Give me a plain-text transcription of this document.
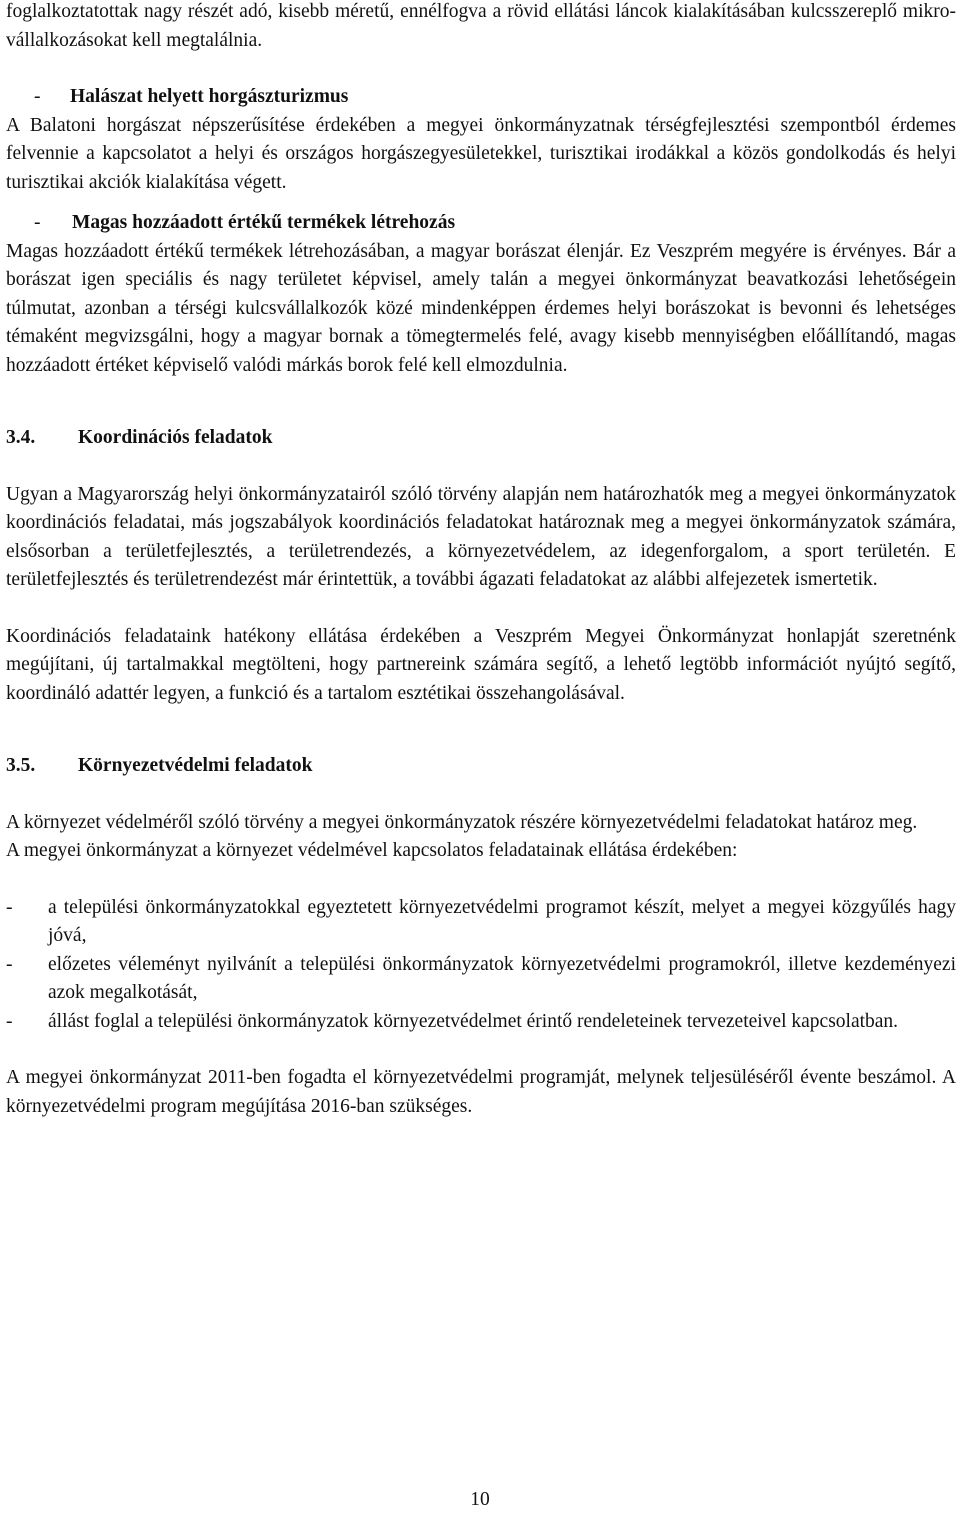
foglalkoztatottak nagy részét adó, kisebb méretű, ennélfogva a rövid ellátási láncok kialakításában kulcsszereplő mikro-vállalkozásokat kell megtalálnia.

-	Halászat helyett horgászturizmus

A Balatoni horgászat népszerűsítése érdekében a megyei önkormányzatnak térségfejlesztési szempontból érdemes felvennie a kapcsolatot a helyi és országos horgászegyesületekkel, turisztikai irodákkal a közös gondolkodás és helyi turisztikai akciók kialakítása végett.

-	Magas hozzáadott értékű termékek létrehozás

Magas hozzáadott értékű termékek létrehozásában, a magyar borászat élenjár. Ez Veszprém megyére is érvényes. Bár a borászat igen speciális és nagy területet képvisel, amely talán a megyei önkormányzat beavatkozási lehetőségein túlmutat, azonban a térségi kulcsvállalkozók közé mindenképpen érdemes helyi borászokat is bevonni és lehetséges témaként megvizsgálni, hogy a magyar bornak a tömegtermelés felé, avagy kisebb mennyiségben előállítandó, magas hozzáadott értéket képviselő valódi márkás borok felé kell elmozdulnia.

3.4.	Koordinációs feladatok

Ugyan a Magyarország helyi önkormányzatairól szóló törvény alapján nem határozhatók meg a megyei önkormányzatok koordinációs feladatai, más jogszabályok koordinációs feladatokat határoznak meg a megyei önkormányzatok számára, elsősorban a területfejlesztés, a területrendezés, a környezetvédelem, az idegenforgalom, a sport területén. E területfejlesztés és területrendezést már érintettük, a további ágazati feladatokat az alábbi alfejezetek ismertetik.

Koordinációs feladataink hatékony ellátása érdekében a Veszprém Megyei Önkormányzat honlapját szeretnénk megújítani, új tartalmakkal megtölteni, hogy partnereink számára segítő, a lehető legtöbb információt nyújtó segítő, koordináló adattér legyen, a funkció és a tartalom esztétikai összehangolásával.

3.5.	Környezetvédelmi feladatok

A környezet védelméről szóló törvény a megyei önkormányzatok részére környezetvédelmi feladatokat határoz meg.

A megyei önkormányzat a környezet védelmével kapcsolatos feladatainak ellátása érdekében:

-	a települési önkormányzatokkal egyeztetett környezetvédelmi programot készít, melyet a megyei közgyűlés hagy jóvá,
-	előzetes véleményt nyilvánít a települési önkormányzatok környezetvédelmi programokról, illetve kezdeményezi azok megalkotását,
-	állást foglal a települési önkormányzatok környezetvédelmet érintő rendeleteinek tervezeteivel kapcsolatban.

A megyei önkormányzat 2011-ben fogadta el környezetvédelmi programját, melynek teljesüléséről évente beszámol. A környezetvédelmi program megújítása 2016-ban szükséges.

10
